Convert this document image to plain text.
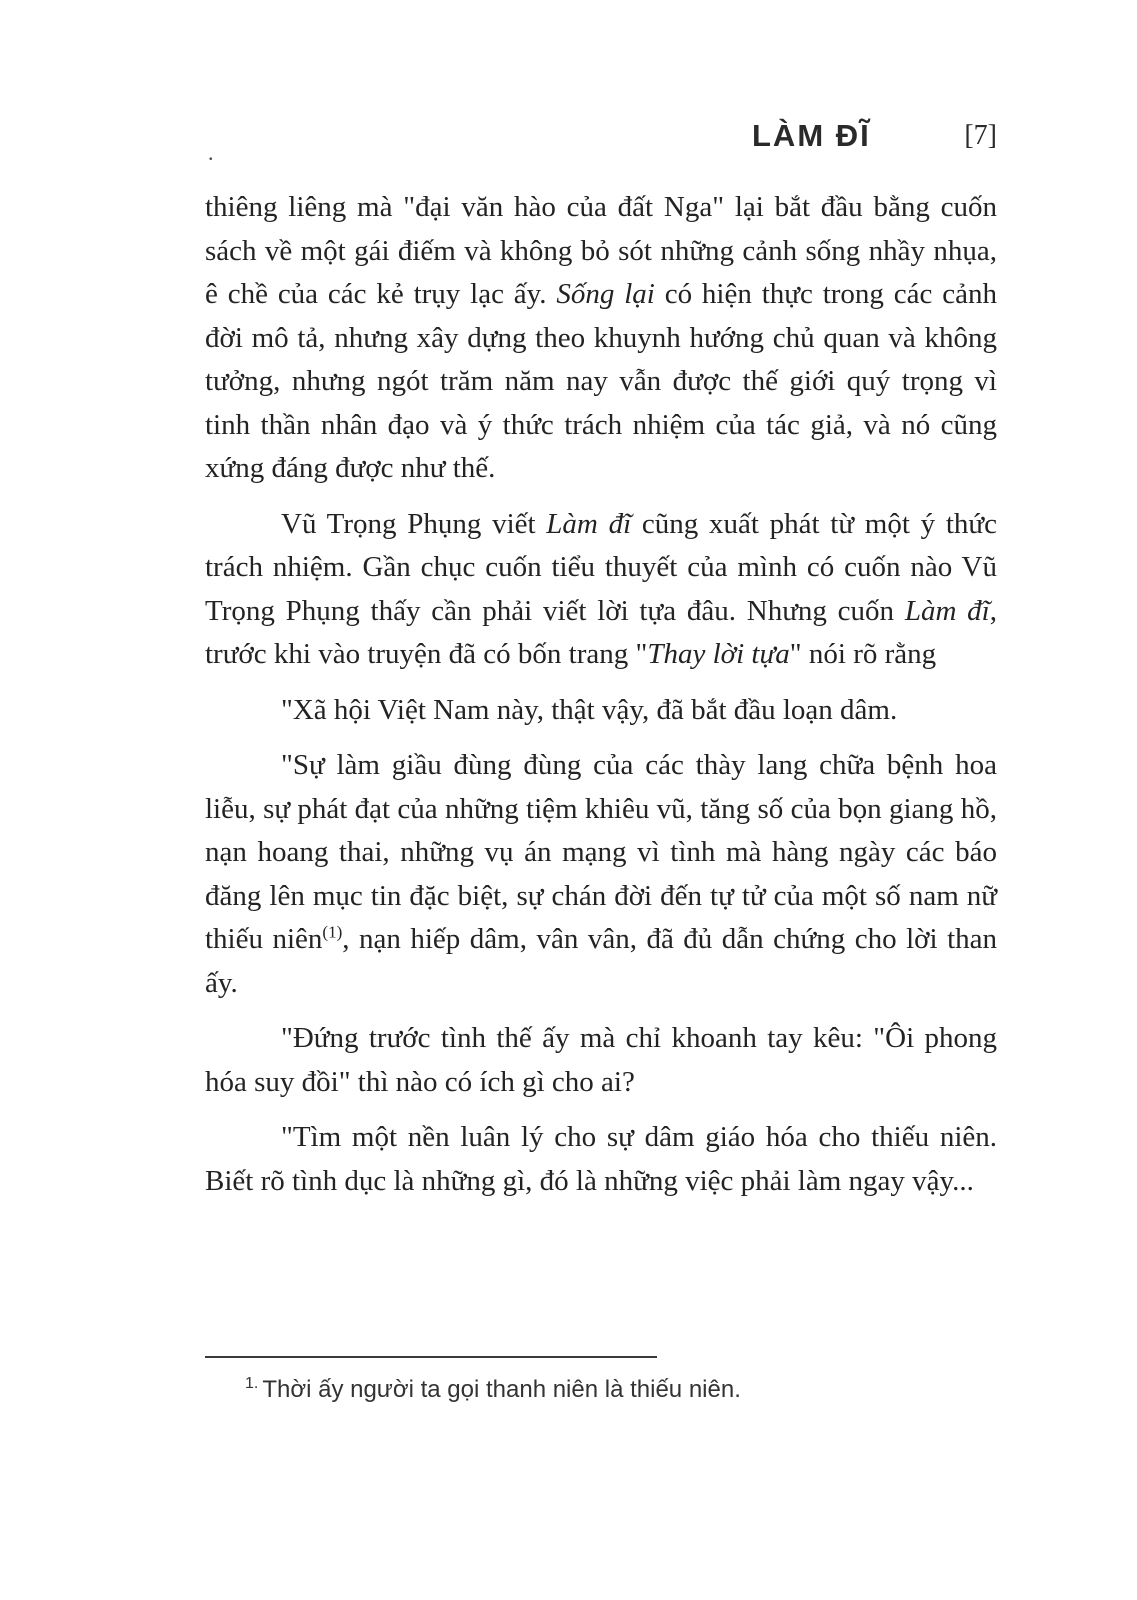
.	LÀM ĐĨ	[7]

thiêng liêng mà "đại văn hào của đất Nga" lại bắt đầu bằng cuốn sách về một gái điếm và không bỏ sót những cảnh sống nhầy nhụa, ê chề của các kẻ trụy lạc ấy. Sống lại có hiện thực trong các cảnh đời mô tả, nhưng xây dựng theo khuynh hướng chủ quan và không tưởng, nhưng ngót trăm năm nay vẫn được thế giới quý trọng vì tinh thần nhân đạo và ý thức trách nhiệm của tác giả, và nó cũng xứng đáng được như thế.

Vũ Trọng Phụng viết Làm đĩ cũng xuất phát từ một ý thức trách nhiệm. Gần chục cuốn tiểu thuyết của mình có cuốn nào Vũ Trọng Phụng thấy cần phải viết lời tựa đâu. Nhưng cuốn Làm đĩ, trước khi vào truyện đã có bốn trang "Thay lời tựa" nói rõ rằng

"Xã hội Việt Nam này, thật vậy, đã bắt đầu loạn dâm.

"Sự làm giầu đùng đùng của các thày lang chữa bệnh hoa liễu, sự phát đạt của những tiệm khiêu vũ, tăng số của bọn giang hồ, nạn hoang thai, những vụ án mạng vì tình mà hàng ngày các báo đăng lên mục tin đặc biệt, sự chán đời đến tự tử của một số nam nữ thiếu niên$^{(1)}$, nạn hiếp dâm, vân vân, đã đủ dẫn chứng cho lời than ấy.

"Đứng trước tình thế ấy mà chỉ khoanh tay kêu: "Ôi phong hóa suy đồi" thì nào có ích gì cho ai?

"Tìm một nền luân lý cho sự dâm giáo hóa cho thiếu niên. Biết rõ tình dục là những gì, đó là những việc phải làm ngay vậy...

$^{1.}$ Thời ấy người ta gọi thanh niên là thiếu niên.
